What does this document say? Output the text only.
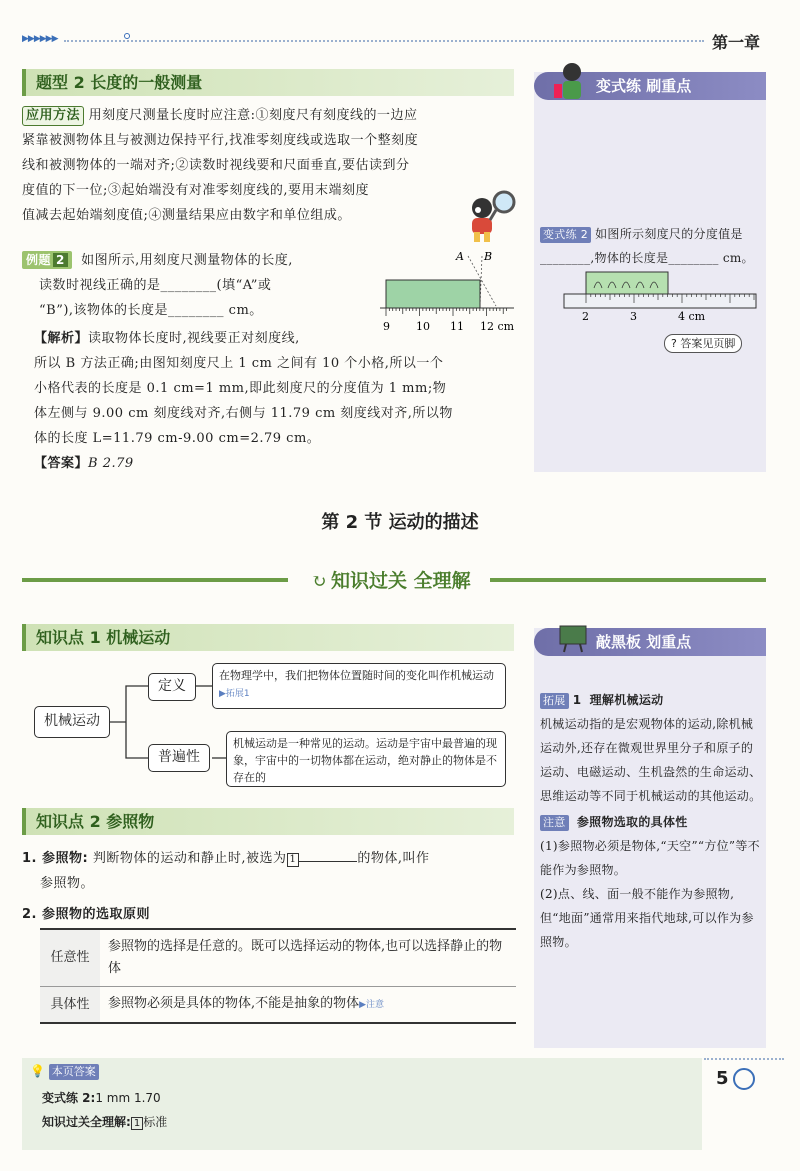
▶▶▶▶▶▶	第一章
题型 2 长度的一般测量
应用方法 用刻度尺测量长度时应注意:①刻度尺有刻度线的一边应
紧靠被测物体且与被测边保持平行,找准零刻度线或选取一个整刻度
线和被测物体的一端对齐;②读数时视线要和尺面垂直,要估读到分
度值的下一位;③起始端没有对准零刻度线的,要用末端刻度
值减去起始端刻度值;④测量结果应由数字和单位组成。
例题 2 如图所示,用刻度尺测量物体的长度,
读数时视线正确的是________(填“A”或
“B”),该物体的长度是________ cm。
A B
9 10 11 12 cm
【解析】读取物体长度时,视线要正对刻度线,
所以 B 方法正确;由图知刻度尺上 1 cm 之间有 10 个小格,所以一个
小格代表的长度是 0.1 cm=1 mm,即此刻度尺的分度值为 1 mm;物
体左侧与 9.00 cm 刻度线对齐,右侧与 11.79 cm 刻度线对齐,所以物
体的长度 L=11.79 cm-9.00 cm=2.79 cm。
【答案】B 2.79
变式练 刷重点
变式练 2 如图所示刻度尺的分度值是
________,物体的长度是________ cm。
2	3	4 cm
? 答案见页脚
第 2 节 运动的描述
↻ 知识过关 全理解
知识点 1 机械运动
机械运动
定义
在物理学中，我们把物体位置随时间的变化叫作机械运动 ▶拓展1
普遍性
机械运动是一种常见的运动。运动是宇宙中最普遍的现象，宇宙中的一切物体都在运动，绝对静止的物体是不存在的
知识点 2 参照物
1. 参照物: 判断物体的运动和静止时,被选为 1	的物体,叫作
参照物。
2. 参照物的选取原则
任意性	参照物的选择是任意的。既可以选择运动的物体,也可以选择静止的物体
具体性	参照物必须是具体的物体,不能是抽象的物体▶注意
敲黑板 划重点
拓展 1 理解机械运动
机械运动指的是宏观物体的运动,除机械运动外,还存在微观世界里分子和原子的运动、电磁运动、生机盎然的生命运动、思维运动等不同于机械运动的其他运动。
注意 参照物选取的具体性
(1)参照物必须是物体,“天空”“方位”等不能作为参照物。
(2)点、线、面一般不能作为参照物,但“地面”通常用来指代地球,可以作为参照物。
💡 本页答案
变式练 2:1 mm 1.70
知识过关全理解: 1 标准
5
